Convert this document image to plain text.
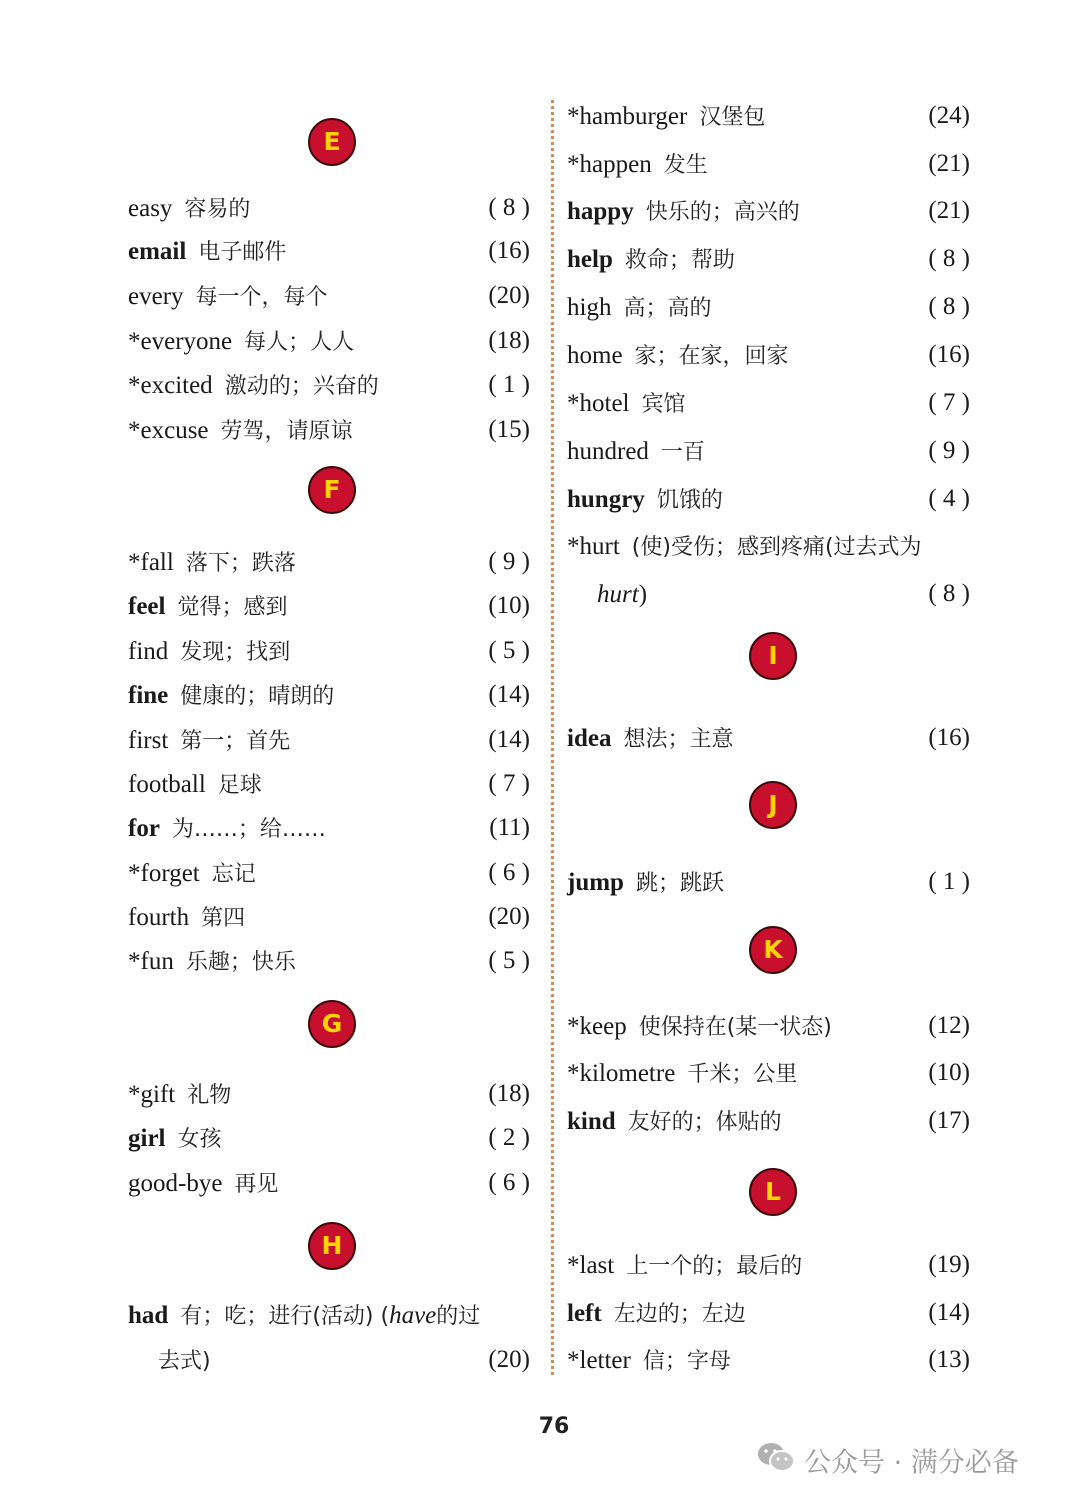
E
easy 容易的	( 8 )
email 电子邮件	(16)
every 每一个，每个	(20)
*everyone 每人；人人	(18)
*excited 激动的；兴奋的	( 1 )
*excuse 劳驾，请原谅	(15)
F
*fall 落下；跌落	( 9 )
feel 觉得；感到	(10)
find 发现；找到	( 5 )
fine 健康的；晴朗的	(14)
first 第一；首先	(14)
football 足球	( 7 )
for 为……；给……	(11)
*forget 忘记	( 6 )
fourth 第四	(20)
*fun 乐趣；快乐	( 5 )
G
*gift 礼物	(18)
girl 女孩	( 2 )
good-bye 再见	( 6 )
H
had 有；吃；进行(活动) (have的过
去式)	(20)
*hamburger 汉堡包	(24)
*happen 发生	(21)
happy 快乐的；高兴的	(21)
help 救命；帮助	( 8 )
high 高；高的	( 8 )
home 家；在家，回家	(16)
*hotel 宾馆	( 7 )
hundred 一百	( 9 )
hungry 饥饿的	( 4 )
*hurt (使)受伤；感到疼痛(过去式为
hurt)	( 8 )
I
idea 想法；主意	(16)
J
jump 跳；跳跃	( 1 )
K
*keep 使保持在(某一状态)	(12)
*kilometre 千米；公里	(10)
kind 友好的；体贴的	(17)
L
*last 上一个的；最后的	(19)
left 左边的；左边	(14)
*letter 信；字母	(13)
76
公众号 · 满分必备
